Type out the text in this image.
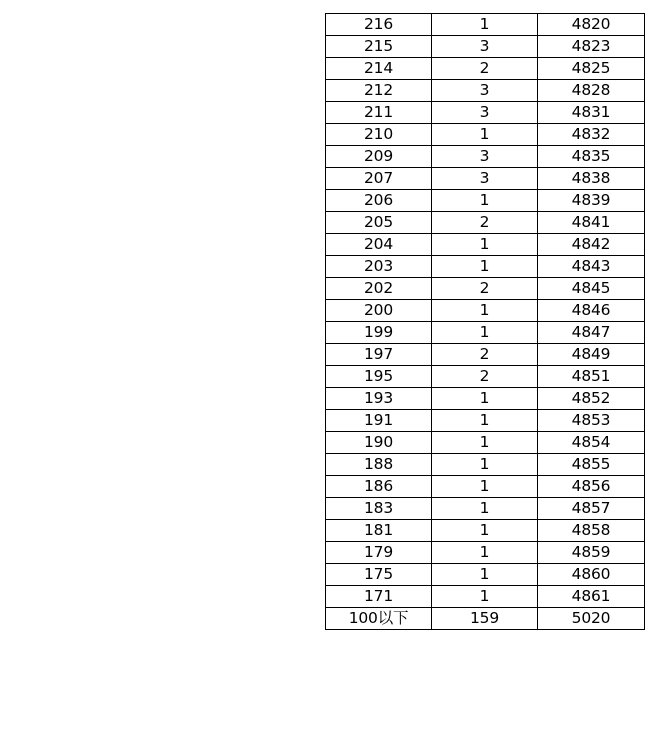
216	1	4820
215	3	4823
214	2	4825
212	3	4828
211	3	4831
210	1	4832
209	3	4835
207	3	4838
206	1	4839
205	2	4841
204	1	4842
203	1	4843
202	2	4845
200	1	4846
199	1	4847
197	2	4849
195	2	4851
193	1	4852
191	1	4853
190	1	4854
188	1	4855
186	1	4856
183	1	4857
181	1	4858
179	1	4859
175	1	4860
171	1	4861
100以下	159	5020
